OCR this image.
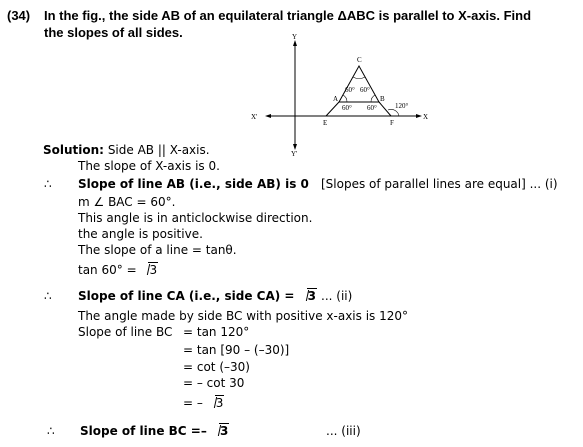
(34) In the fig., the side AB of an equilateral triangle ΔABC is parallel to X-axis. Find
the slopes of all sides.	Y
Y'
X
X'
C
A	B
E	F
60° 60°
60° 60°	120°
Solution: Side AB || X-axis.
The slope of X-axis is 0.
∴ Slope of line AB (i.e., side AB) is 0 [Slopes of parallel lines are equal] ... (i)
m ∠ BAC = 60°.
This angle is in anticlockwise direction.
the angle is positive.
The slope of a line = tanθ.
tan 60° = 3
∴ Slope of line CA (i.e., side CA) = 3 ... (ii)
The angle made by side BC with positive x-axis is 120°
Slope of line BC = tan 120°
= tan [90 – (–30)]
= cot (–30)
= – cot 30
= – 3
∴ Slope of line BC =– 3	... (iii)
